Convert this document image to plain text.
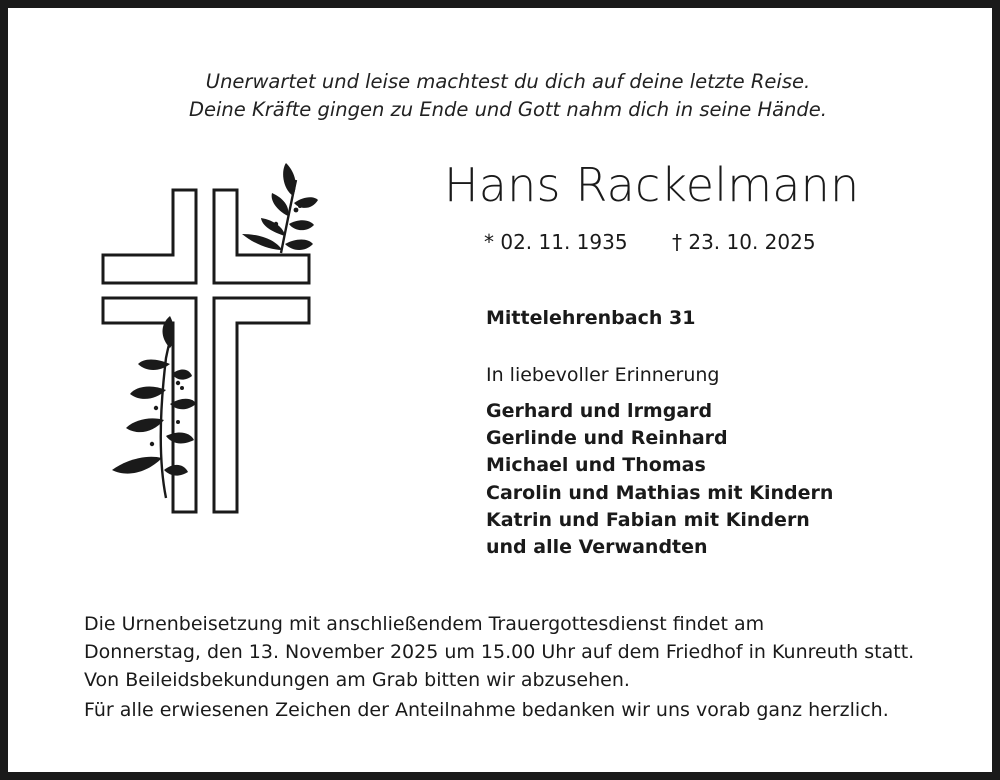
Unerwartet und leise machtest du dich auf deine letzte Reise.
Deine Kräfte gingen zu Ende und Gott nahm dich in seine Hände.
Hans Rackelmann
* 02. 11. 1935 † 23. 10. 2025
Mittelehrenbach 31
In liebevoller Erinnerung
Gerhard und lrmgard
Gerlinde und Reinhard
Michael und Thomas
Carolin und Mathias mit Kindern
Katrin und Fabian mit Kindern
und alle Verwandten
Die Urnenbeisetzung mit anschließendem Trauergottesdienst findet am
Donnerstag, den 13. November 2025 um 15.00 Uhr auf dem Friedhof in Kunreuth statt.
Von Beileidsbekundungen am Grab bitten wir abzusehen.
Für alle erwiesenen Zeichen der Anteilnahme bedanken wir uns vorab ganz herzlich.
